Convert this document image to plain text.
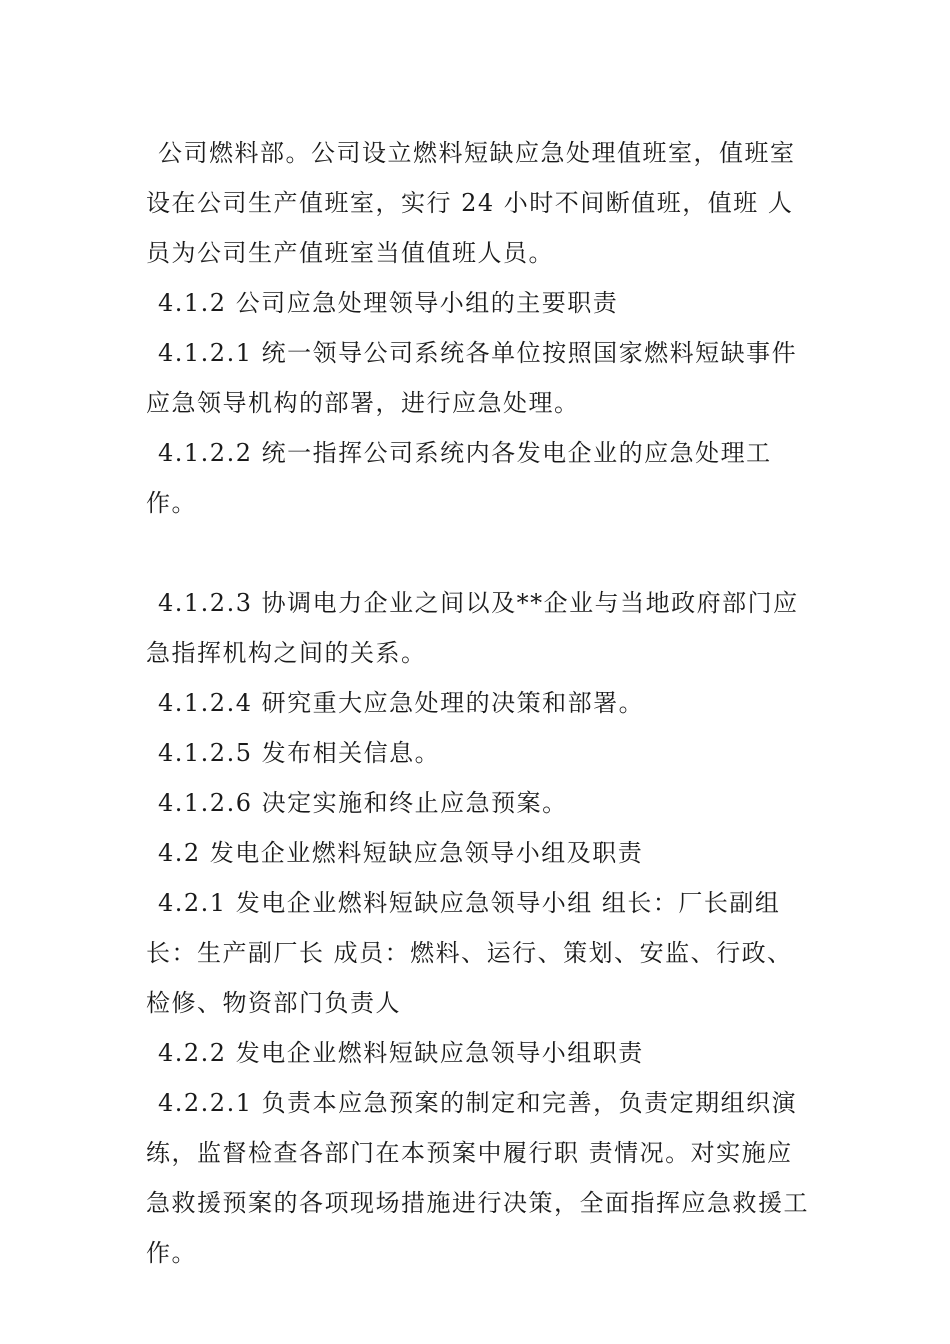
公司燃料部。公司设立燃料短缺应急处理值班室，值班室设在公司生产值班室，实行 24 小时不间断值班，值班 人员为公司生产值班室当值值班人员。

4.1.2 公司应急处理领导小组的主要职责

4.1.2.1 统一领导公司系统各单位按照国家燃料短缺事件应急领导机构的部署，进行应急处理。

4.1.2.2 统一指挥公司系统内各发电企业的应急处理工作。

4.1.2.3 协调电力企业之间以及**企业与当地政府部门应急指挥机构之间的关系。

4.1.2.4 研究重大应急处理的决策和部署。

4.1.2.5 发布相关信息。

4.1.2.6 决定实施和终止应急预案。

4.2 发电企业燃料短缺应急领导小组及职责

4.2.1 发电企业燃料短缺应急领导小组 组长：厂长副组长：生产副厂长 成员：燃料、运行、策划、安监、行政、检修、物资部门负责人

4.2.2 发电企业燃料短缺应急领导小组职责

4.2.2.1 负责本应急预案的制定和完善，负责定期组织演练，监督检查各部门在本预案中履行职 责情况。对实施应急救援预案的各项现场措施进行决策，全面指挥应急救援工作。
